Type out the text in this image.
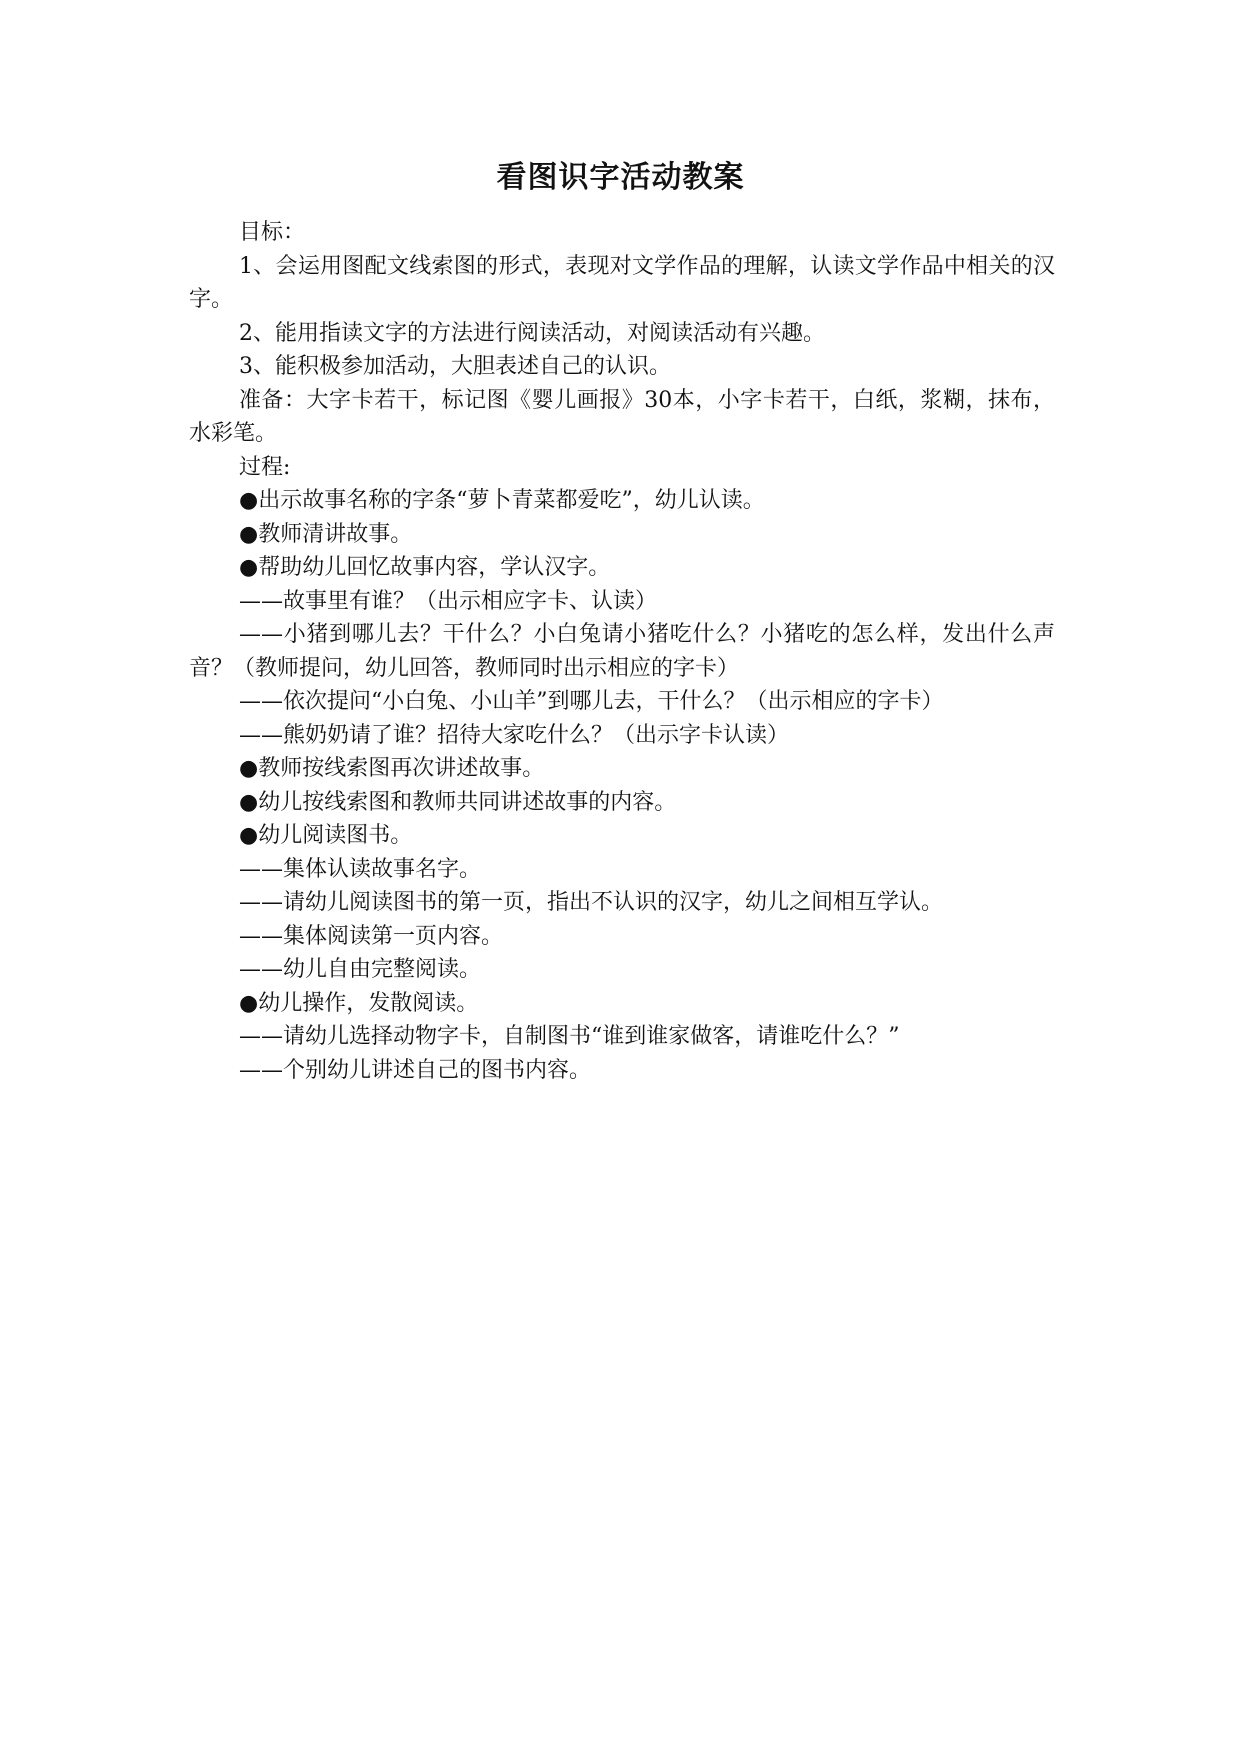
看图识字活动教案

目标：

1、会运用图配文线索图的形式，表现对文学作品的理解，认读文学作品中相关的汉字。

2、能用指读文字的方法进行阅读活动，对阅读活动有兴趣。

3、能积极参加活动，大胆表述自己的认识。

准备：大字卡若干，标记图《婴儿画报》30本，小字卡若干，白纸，浆糊，抹布，水彩笔。

过程:

●出示故事名称的字条“萝卜青菜都爱吃”，幼儿认读。

●教师清讲故事。

●帮助幼儿回忆故事内容，学认汉字。

——故事里有谁？（出示相应字卡、认读）

——小猪到哪儿去？干什么？小白兔请小猪吃什么？小猪吃的怎么样，发出什么声音？（教师提问，幼儿回答，教师同时出示相应的字卡）

——依次提问“小白兔、小山羊”到哪儿去，干什么？（出示相应的字卡）

——熊奶奶请了谁？招待大家吃什么？（出示字卡认读）

●教师按线索图再次讲述故事。

●幼儿按线索图和教师共同讲述故事的内容。

●幼儿阅读图书。

——集体认读故事名字。

——请幼儿阅读图书的第一页，指出不认识的汉字，幼儿之间相互学认。

——集体阅读第一页内容。

——幼儿自由完整阅读。

●幼儿操作，发散阅读。

——请幼儿选择动物字卡，自制图书“谁到谁家做客，请谁吃什么？”

——个别幼儿讲述自己的图书内容。
